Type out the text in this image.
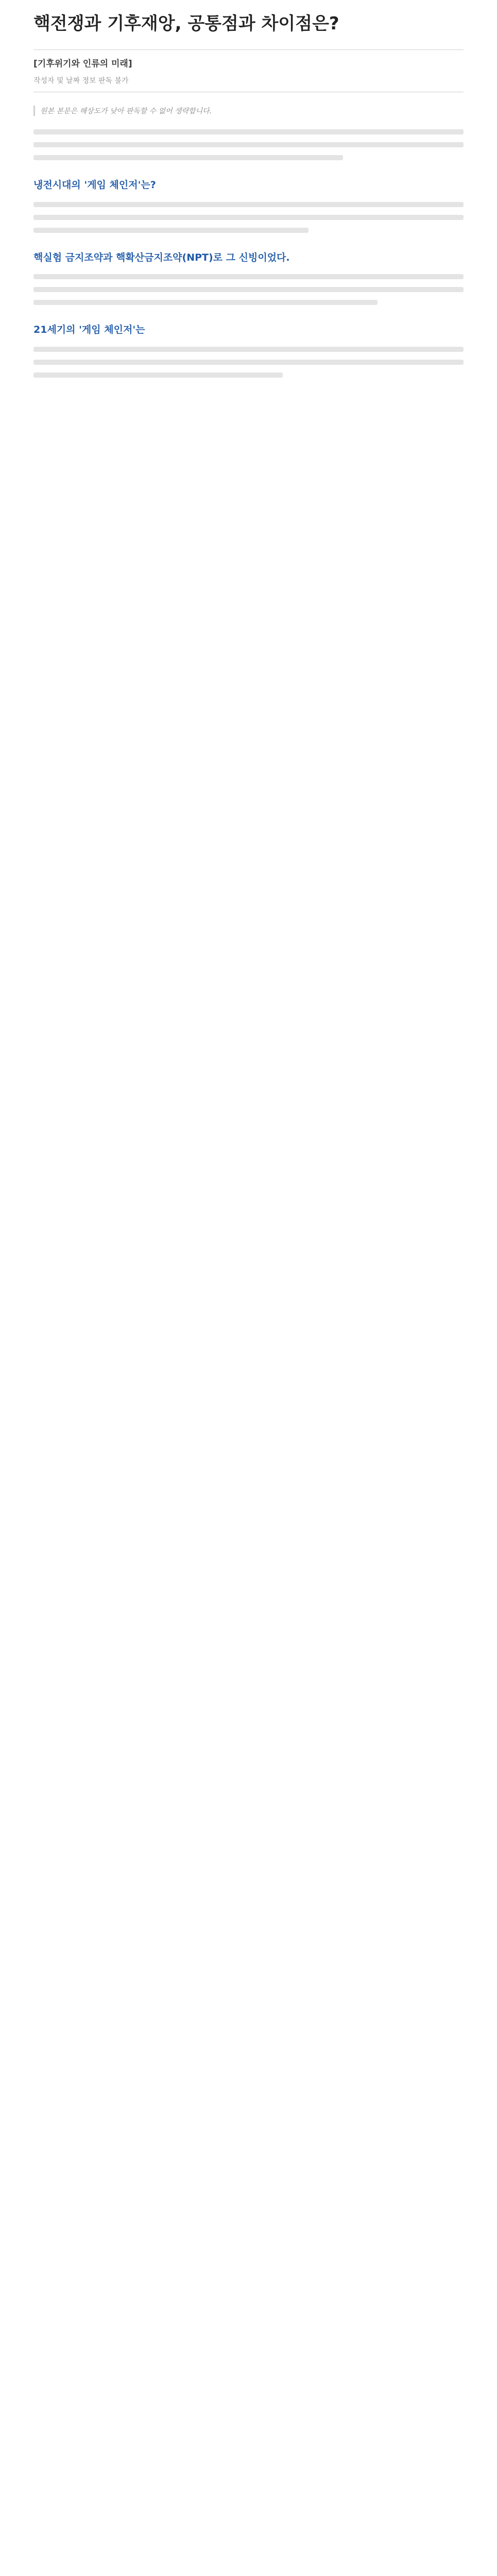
핵전쟁과 기후재앙, 공통점과 차이점은?

[기후위기와 인류의 미래]

작성자 및 날짜 정보 판독 불가

원본 본문은 해상도가 낮아 판독할 수 없어 생략합니다.

냉전시대의 '게임 체인저'는?
핵실험 금지조약과 핵확산금지조약(NPT)로 그 신빙이었다.
21세기의 '게임 체인저'는
